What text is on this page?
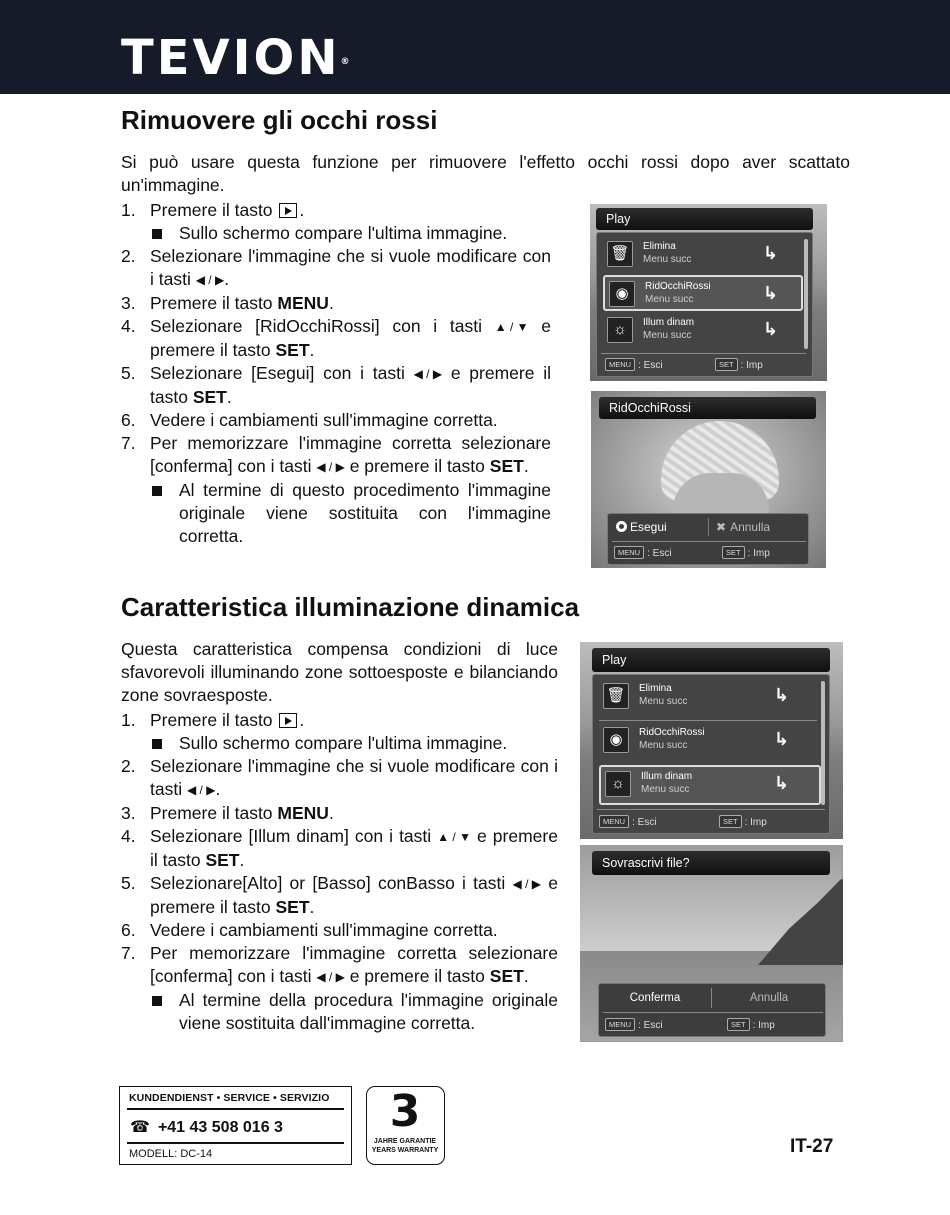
TEVION®
Rimuovere gli occhi rossi
Si può usare questa funzione per rimuovere l'effetto occhi rossi dopo aver scattato un'immagine.
1. Premere il tasto .
Sullo schermo compare l'ultima immagine.
2. Selezionare l'immagine che si vuole modificare con i tasti ◀ / ▶.
3. Premere il tasto MENU.
4. Selezionare [RidOcchiRossi] con i tasti ▲ / ▼ e premere il tasto SET.
5. Selezionare [Esegui] con i tasti ◀ / ▶ e premere il tasto SET.
6. Vedere i cambiamenti sull'immagine corretta.
7. Per memorizzare l'immagine corretta selezionare [conferma] con i tasti ◀ / ▶ e premere il tasto SET.
Al termine di questo procedimento l'immagine originale viene sostituita con l'immagine corretta.
Play
🗑	Elimina
Menu succ	↳
◉	RidOcchiRossi
Menu succ	↳
☼	Illum dinam
Menu succ	↳
MENU : Esci	SET : Imp
RidOcchiRossi
Esegui	✖ Annulla
MENU : Esci	SET : Imp
Caratteristica illuminazione dinamica
Questa caratteristica compensa condizioni di luce sfavorevoli illuminando zone sottoesposte e bilanciando zone sovraesposte.
1. Premere il tasto .
Sullo schermo compare l'ultima immagine.
2. Selezionare l'immagine che si vuole modificare con i tasti ◀ / ▶.
3. Premere il tasto MENU.
4. Selezionare [Illum dinam] con i tasti ▲ / ▼ e premere il tasto SET.
5. Selezionare[Alto] or [Basso] conBasso i tasti ◀ / ▶ e premere il tasto SET.
6. Vedere i cambiamenti sull'immagine corretta.
7. Per memorizzare l'immagine corretta selezionare [conferma] con i tasti ◀ / ▶ e premere il tasto SET.
Al termine della procedura l'immagine originale viene sostituita dall'immagine corretta.
Play
🗑	Elimina
Menu succ	↳
◉	RidOcchiRossi
Menu succ	↳
☼	Illum dinam
Menu succ	↳
MENU : Esci	SET : Imp
Sovrascrivi file?
Conferma	Annulla
MENU : Esci	SET : Imp
KUNDENDIENST • SERVICE • SERVIZIO
☎ +41 43 508 016 3
MODELL: DC-14
3
JAHRE GARANTIE
YEARS WARRANTY	IT-27
